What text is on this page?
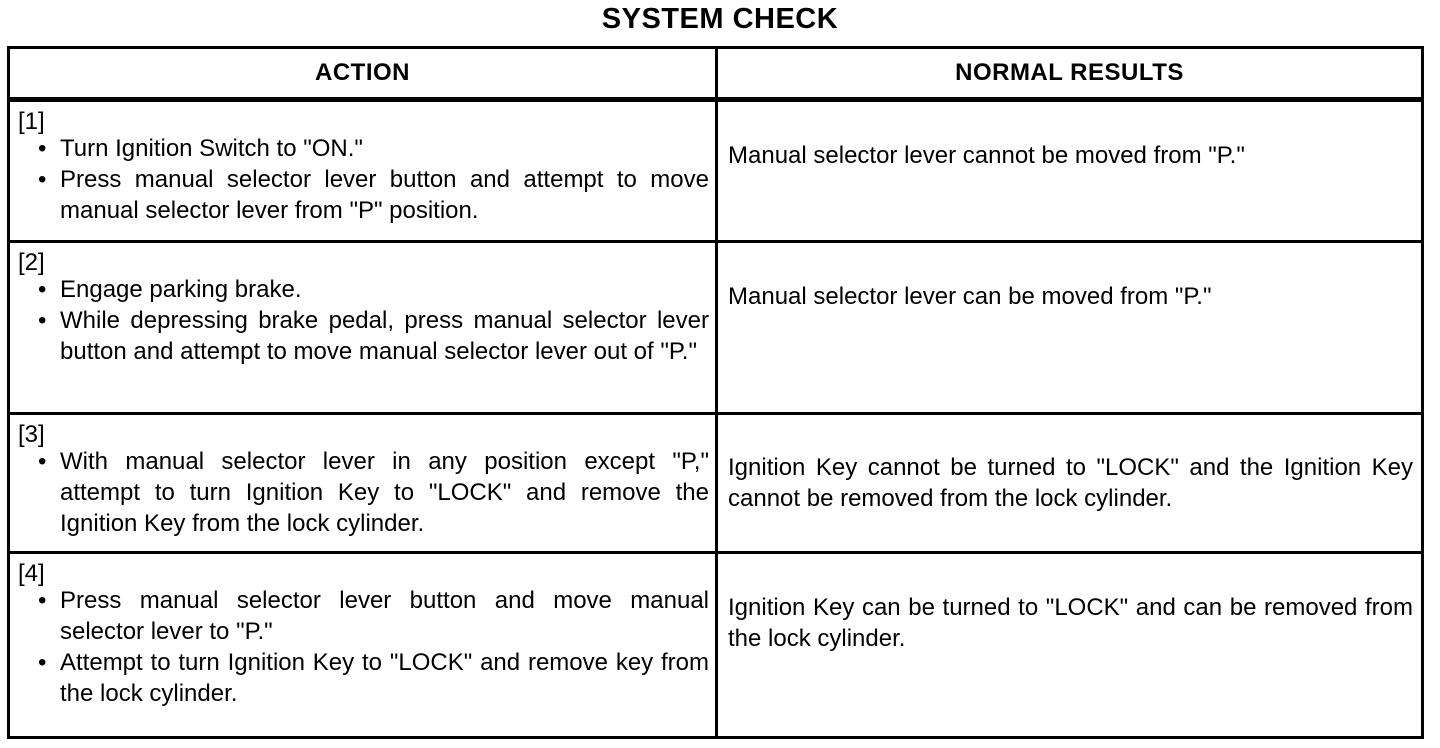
SYSTEM CHECK
ACTION	NORMAL RESULTS
[1]
• Turn Ignition Switch to "ON."
• Press manual selector lever button and attempt to move manual selector lever from "P" position.
Manual selector lever cannot be moved from "P."
[2]
• Engage parking brake.
• While depressing brake pedal, press manual selector lever button and attempt to move manual selector lever out of "P."
Manual selector lever can be moved from "P."
[3]
• With manual selector lever in any position except "P," attempt to turn Ignition Key to "LOCK" and remove the Ignition Key from the lock cylinder.
Ignition Key cannot be turned to "LOCK" and the Ignition Key cannot be removed from the lock cylinder.
[4]
• Press manual selector lever button and move manual selector lever to "P."
• Attempt to turn Ignition Key to "LOCK" and remove key from the lock cylinder.
Ignition Key can be turned to "LOCK" and can be removed from the lock cylinder.
